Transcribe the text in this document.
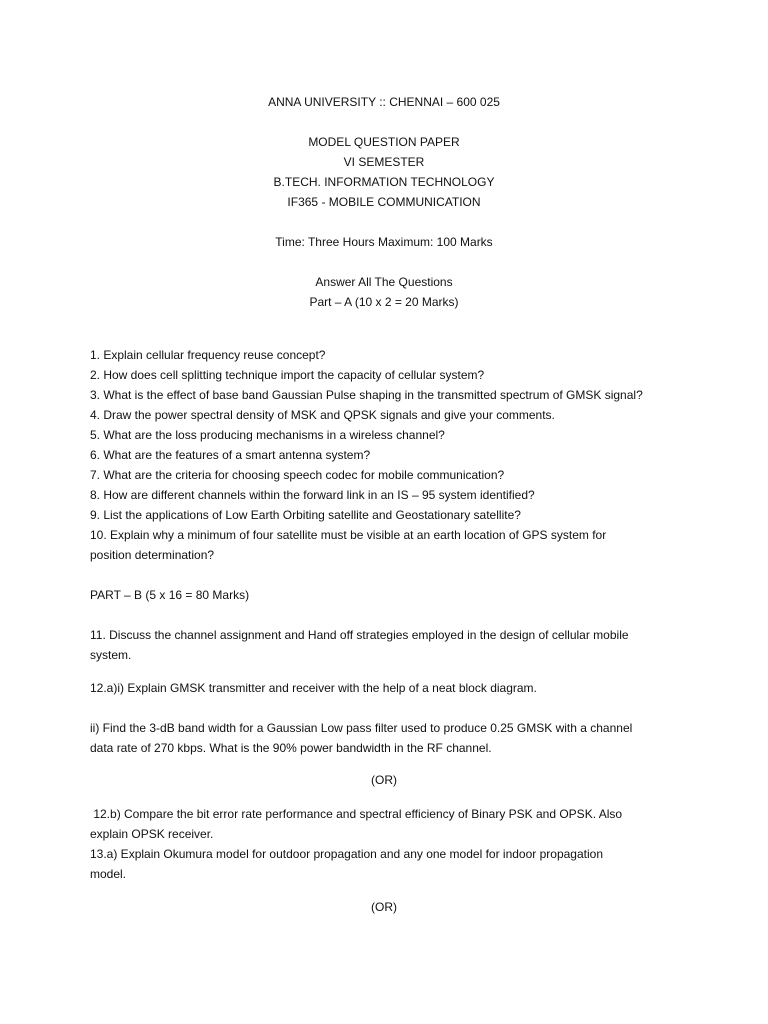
ANNA UNIVERSITY :: CHENNAI – 600 025
MODEL QUESTION PAPER
VI SEMESTER
B.TECH. INFORMATION TECHNOLOGY
IF365 - MOBILE COMMUNICATION
Time: Three Hours Maximum: 100 Marks
Answer All The Questions
Part – A (10 x 2 = 20 Marks)
1. Explain cellular frequency reuse concept?
2. How does cell splitting technique import the capacity of cellular system?
3. What is the effect of base band Gaussian Pulse shaping in the transmitted spectrum of GMSK signal?
4. Draw the power spectral density of MSK and QPSK signals and give your comments.
5. What are the loss producing mechanisms in a wireless channel?
6. What are the features of a smart antenna system?
7. What are the criteria for choosing speech codec for mobile communication?
8. How are different channels within the forward link in an IS – 95 system identified?
9. List the applications of Low Earth Orbiting satellite and Geostationary satellite?
10. Explain why a minimum of four satellite must be visible at an earth location of GPS system for
position determination?
PART – B (5 x 16 = 80 Marks)
11. Discuss the channel assignment and Hand off strategies employed in the design of cellular mobile
system.
12.a)i) Explain GMSK transmitter and receiver with the help of a neat block diagram.
ii) Find the 3-dB band width for a Gaussian Low pass filter used to produce 0.25 GMSK with a channel
data rate of 270 kbps. What is the 90% power bandwidth in the RF channel.
(OR)
12.b) Compare the bit error rate performance and spectral efficiency of Binary PSK and OPSK. Also
explain OPSK receiver.
13.a) Explain Okumura model for outdoor propagation and any one model for indoor propagation
model.
(OR)
